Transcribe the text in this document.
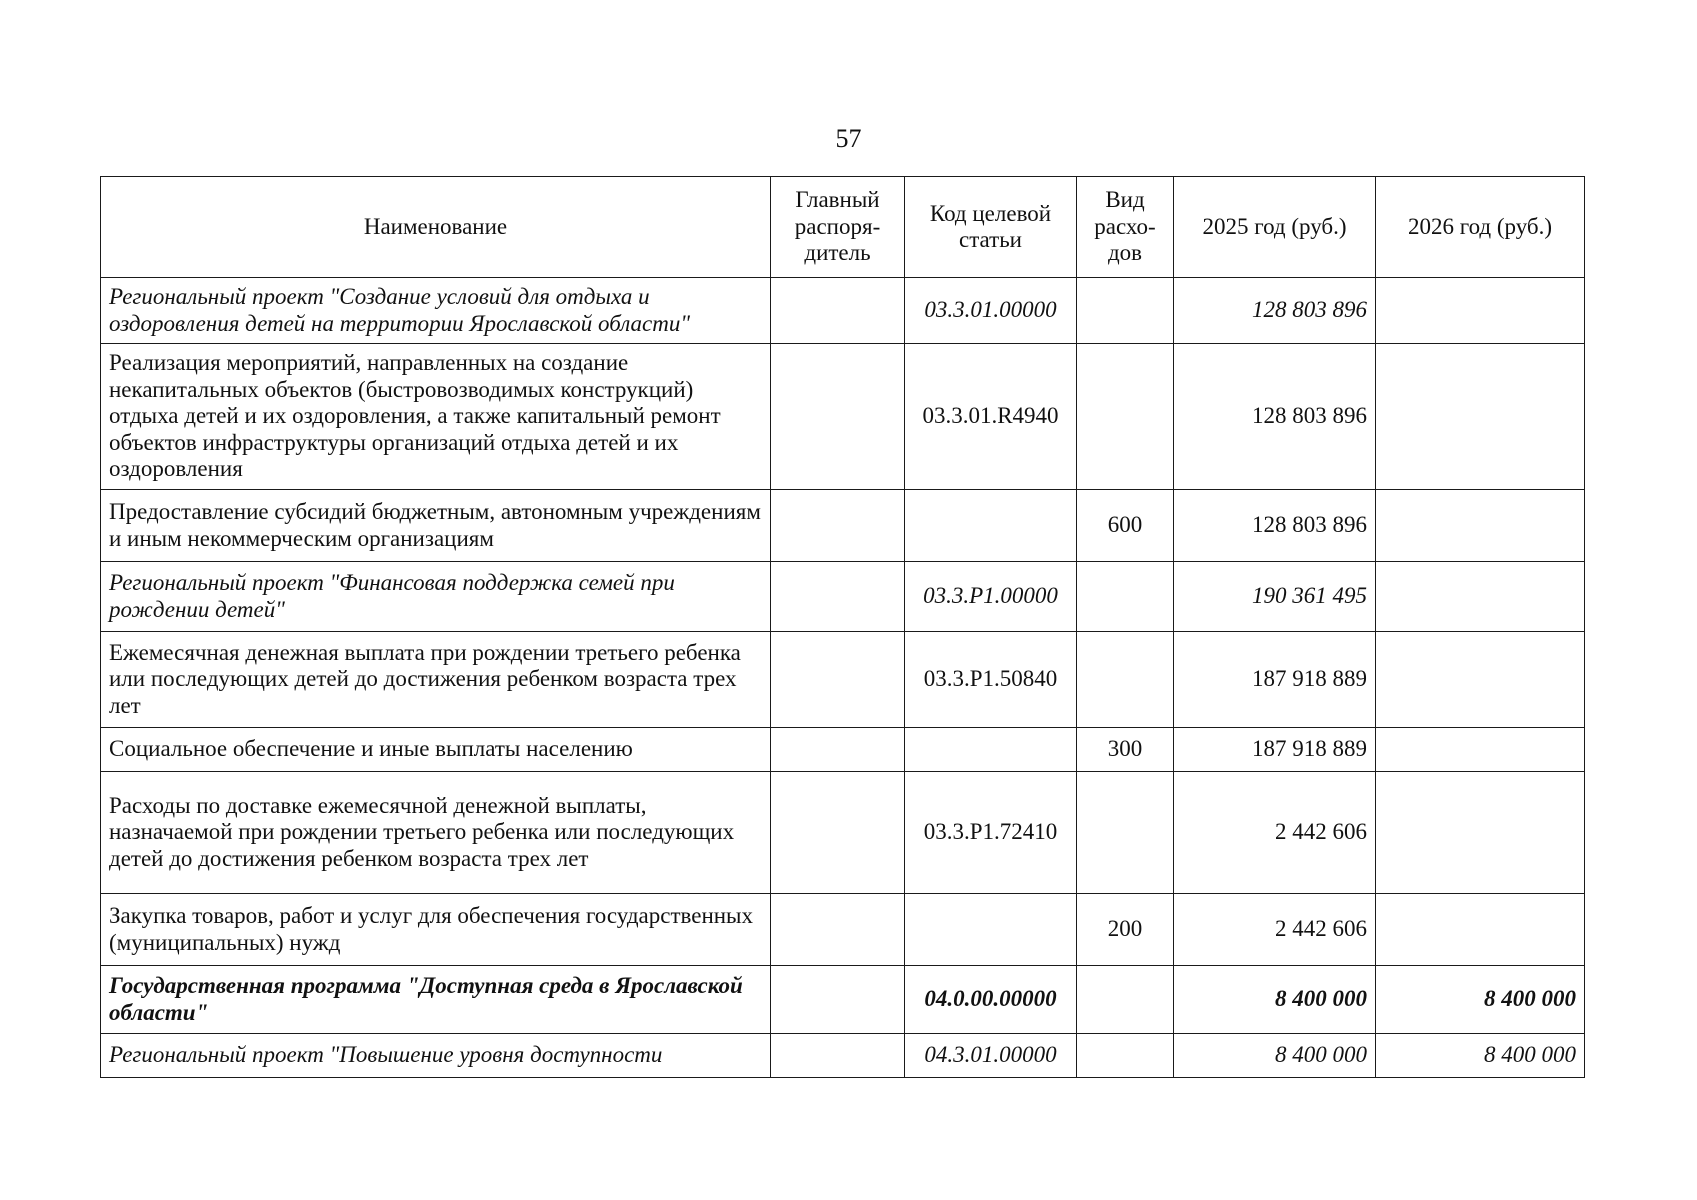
57
Наименование	Главный распоря-дитель	Код целевой статьи	Вид расхо-дов	2025 год (руб.)	2026 год (руб.)
Региональный проект "Создание условий для отдыха и оздоровления детей на территории Ярославской области"		03.3.01.00000		128 803 896	
Реализация мероприятий, направленных на создание некапитальных объектов (быстровозводимых конструкций) отдыха детей и их оздоровления, а также капитальный ремонт объектов инфраструктуры организаций отдыха детей и их оздоровления		03.3.01.R4940		128 803 896	
Предоставление субсидий бюджетным, автономным учреждениям и иным некоммерческим организациям			600	128 803 896	
Региональный проект "Финансовая поддержка семей при рождении детей"		03.3.P1.00000		190 361 495	
Ежемесячная денежная выплата при рождении третьего ребенка или последующих детей до достижения ребенком возраста трех лет		03.3.P1.50840		187 918 889	
Социальное обеспечение и иные выплаты населению			300	187 918 889	
Расходы по доставке ежемесячной денежной выплаты, назначаемой при рождении третьего ребенка или последующих детей до достижения ребенком возраста трех лет		03.3.P1.72410		2 442 606	
Закупка товаров, работ и услуг для обеспечения государственных (муниципальных) нужд			200	2 442 606	
Государственная программа "Доступная среда в Ярославской области"		04.0.00.00000		8 400 000	8 400 000
Региональный проект "Повышение уровня доступности		04.3.01.00000		8 400 000	8 400 000
